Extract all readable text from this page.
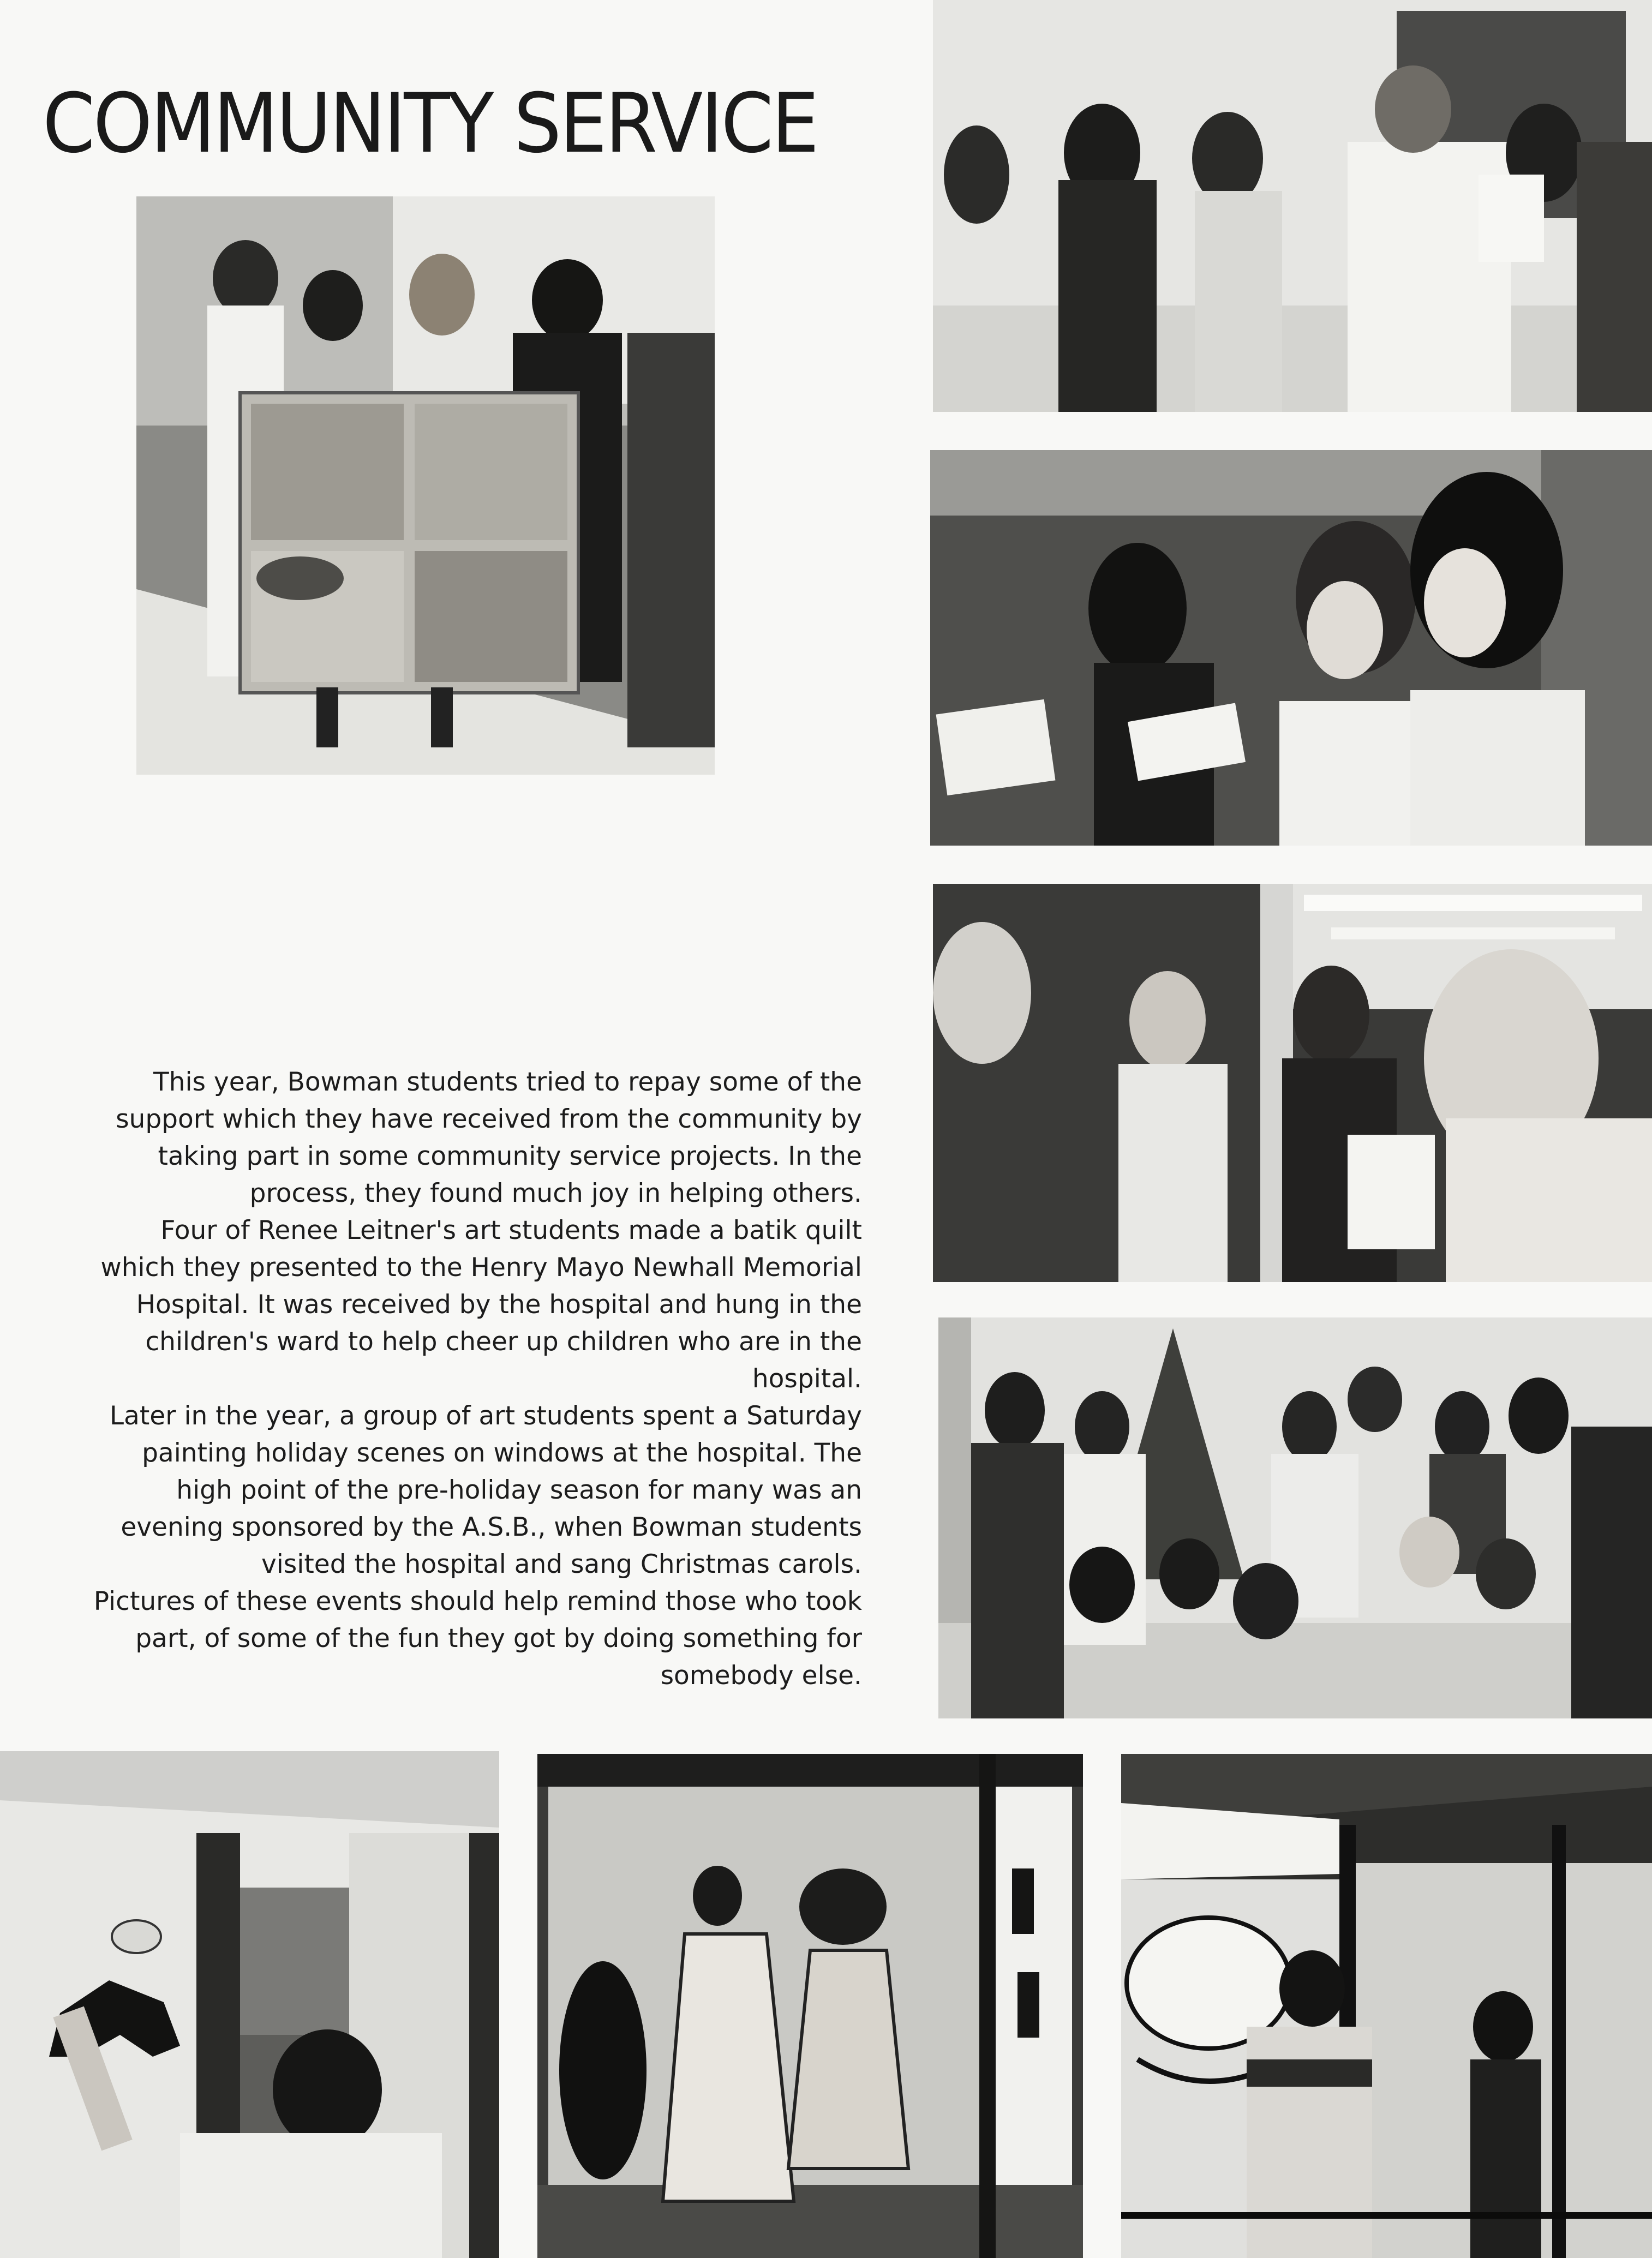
COMMUNITY SERVICE

This year, Bowman students tried to repay some of the support which they have received from the community by taking part in some community service projects. In the process, they found much joy in helping others.

Four of Renee Leitner's art students made a batik quilt which they presented to the Henry Mayo Newhall Memorial Hospital. It was received by the hospital and hung in the children's ward to help cheer up children who are in the hospital.

Later in the year, a group of art students spent a Saturday painting holiday scenes on windows at the hospital. The high point of the pre-holiday season for many was an evening sponsored by the A.S.B., when Bowman students visited the hospital and sang Christmas carols.

Pictures of these events should help remind those who took part, of some of the fun they got by doing something for somebody else.
